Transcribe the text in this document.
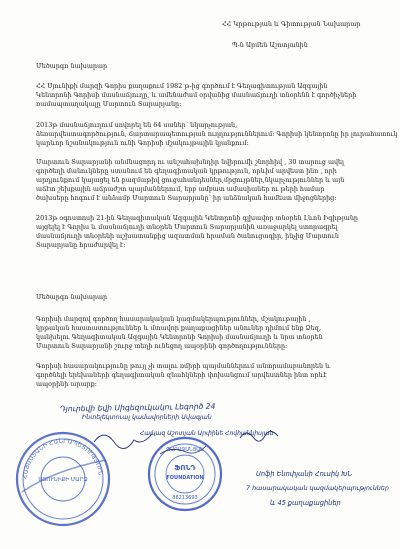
ՀՀ Կրթության և Գիտության Նախարար
Պ-ն Արմեն Աշոտյանին
Մեծարգո նախարար
ՀՀ Սյունիքի մարզի Գորիս քաղաքում 1982 թ-ից գործում է Գեղագիտության Ազգային
Կենտրոնի Գորիսի մասնաճյուղը, և ամենաժամ օրվանից մասնաճյուղի տնօրենն է գործիչների
ռամապտաղակալը Մարտուն Տարարյանը:
2013թ մասնաճյուղում սովորել են 64 սաներ՝ նկարչության,
ձեռարվեստագործություն, ճարտարապետության ուղղություններում: Գորիսի կենտրոնը իր լուրահատուկ
կարևոր նշանակություն ունի Գորիսի մշակույթային կյանքում:
Մարտուն Տարարյանի անմնացորդ ու անշահախնդիր նվիրումի շնորհիվ , 30 տարուց ավել
գործեղի մանուկները ստանում են գեղագիտական կրթություն, որևիմ արվեստ ինո , որի
արդյունքում կայացել են բազմաթիվ ցուցահանդեսներ,մրցույթներ,նկարչություններ և այն
աճէտ շեխքային աճրաժշտ պայմաններում, երբ ամբատ ամասիաներ ու թերի համար
ծախսերը հոգում է անձամբ Մարտուն Տարարյանը՝ իր անձնական համեստ միջոցներից:
2013թ օգոստոսի 21-ին Գեղագիտական Ազգային Կենտրոնի գլխավոր տնօրեն Լևոն Իգիթյանը
այցելել է Գորիս և մասնաճյուղի տնօրեն Մարտուն Տարարյանին առաջարկել ստորագրել
մասնաճյուղի տնօրենի աշխատանքից ազատման հրաման ծանուցագիր, ինչից Մարտուն
Տարարյանը հրաժարվել է:
Մեծարգո նախարար
Գորիսի մարզով գործող հասարակական կազմակերպություններ, մշակութային ,
կրթական հաստատություններ և մտավոր քաղաքացիներ անուներ դիմում ենք Ձեզ,
կանխելու Գեղագիտական Ազգային Կենտրոնի Գորիսի մասնաճյուղի և նրա տնօրեն
Մարտուն Տարարյանի շուրջ տեղի ունեցող ապօրինի գործողությունները:
Գորիսի հասարակությունը թույլ չի տալու ռմիրի պայմաններում անտրամաբանորեն և
գործնելի երեխաների գեղագիտական զնահկների փոխանցում արվեստներ ինտ որևէ
ապօրինի արարք:
ՀԱՅԱՍՏԱՆԻ ՀԱՆՐԱՊԵՏՈՒԹՅՈՒՆ
ՍՅՈՒՆԻՔԻ ՄԱՐԶ
ՊԱՐԱՋԱՆՅԱՆ
ՖՈՆԴ
FOUNDATION
88213693
Դյուրեվի եվի Սիգեզուկակու Լեգործ 24
Ինտելեկտուալ կամավորների Ավագյան
Հայկազ Աշոտյան Արփինե Հովհաննիսյան
Սոֆի Ենոփյանի Հուսիկ ԽՆ
7 հասարակական կազմակերպություններ
և 45 քաղաքացիներ
